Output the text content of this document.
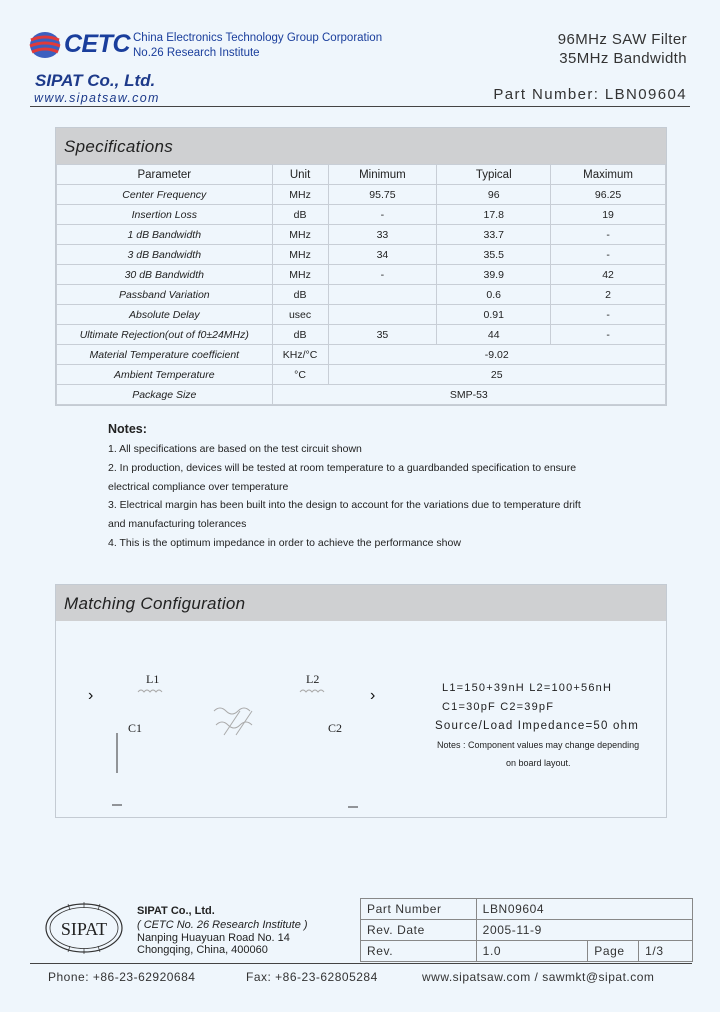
CETC China Electronics Technology Group Corporation
No.26 Research Institute
SIPAT Co., Ltd.
www.sipatsaw.com
96MHz SAW Filter
35MHz Bandwidth
Part Number: LBN09604
Specifications
Parameter	Unit	Minimum	Typical	Maximum
Center Frequency	MHz	95.75	96	96.25
Insertion Loss	dB	-	17.8	19
1 dB Bandwidth	MHz	33	33.7	-
3 dB Bandwidth	MHz	34	35.5	-
30 dB Bandwidth	MHz	-	39.9	42
Passband Variation	dB		0.6	2
Absolute Delay	usec		0.91	-
Ultimate Rejection(out of f0±24MHz)	dB	35	44	-
Material Temperature coefficient	KHz/°C	-9.02		
Ambient Temperature	°C	25		
Package Size	SMP-53			
Notes:
1. All specifications are based on the test circuit shown
2. In production, devices will be tested at room temperature to a guardbanded specification to ensure
electrical compliance over temperature
3. Electrical margin has been built into the design to account for the variations due to temperature drift
and manufacturing tolerances
4. This is the optimum impedance in order to achieve the performance show
Matching Configuration
›	›
L1	L2
C1	C2
L1=150+39nH L2=100+56nH
C1=30pF C2=39pF
Source/Load Impedance=50 ohm
Notes : Component values may change depending
on board layout.
SIPAT
SIPAT Co., Ltd.
( CETC No. 26 Research Institute )
Nanping Huayuan Road No. 14
Chongqing, China, 400060
Part Number	LBN09604		
Rev. Date	2005-11-9		
Rev.	1.0	Page	1/3
Phone: +86-23-62920684	Fax: +86-23-62805284	www.sipatsaw.com / sawmkt@sipat.com
